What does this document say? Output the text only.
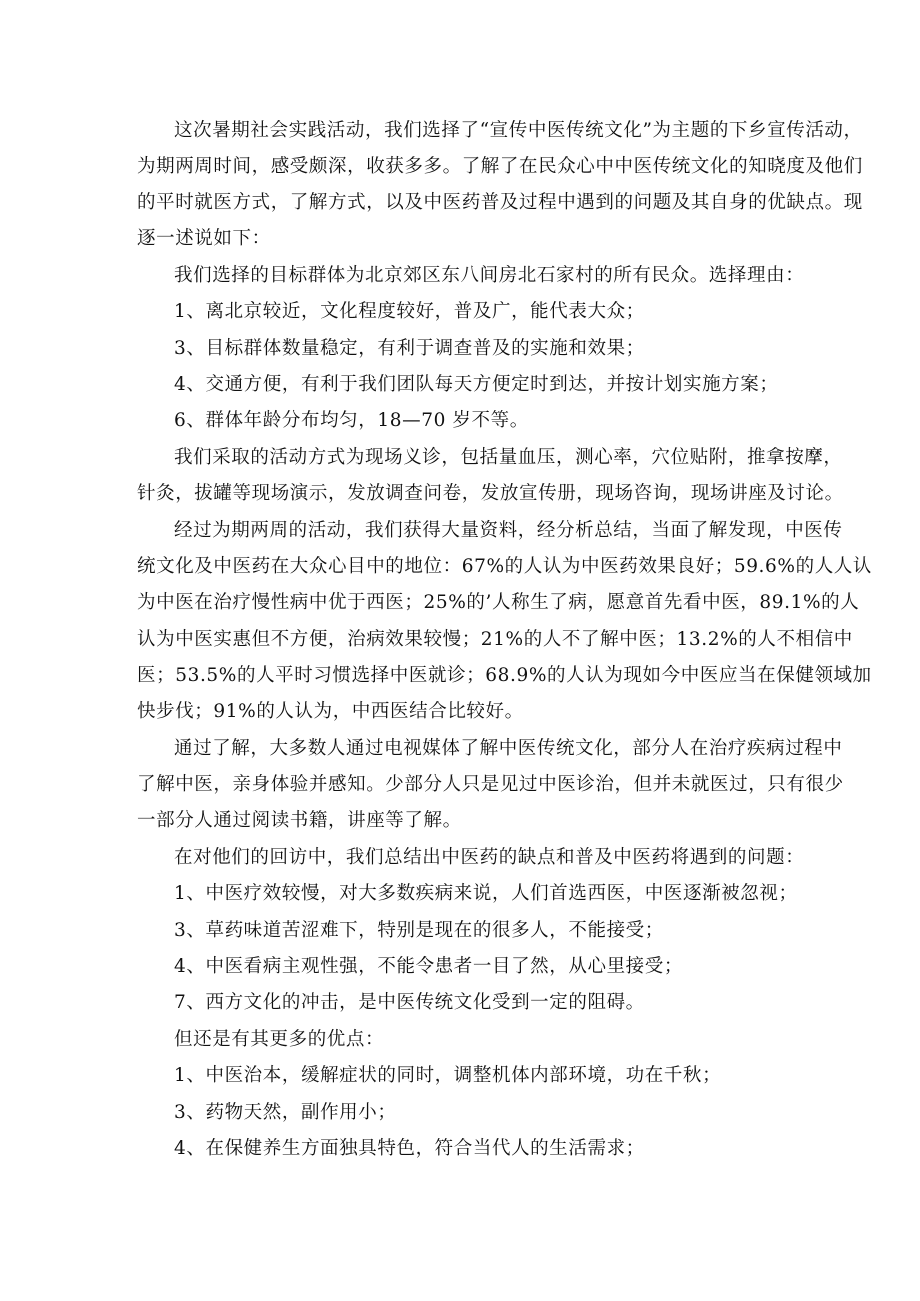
这次暑期社会实践活动，我们选择了“宣传中医传统文化”为主题的下乡宣传活动，
为期两周时间，感受颇深，收获多多。了解了在民众心中中医传统文化的知晓度及他们
的平时就医方式，了解方式，以及中医药普及过程中遇到的问题及其自身的优缺点。现
逐一述说如下：
我们选择的目标群体为北京郊区东八间房北石家村的所有民众。选择理由：
1、离北京较近，文化程度较好，普及广，能代表大众；
3、目标群体数量稳定，有利于调查普及的实施和效果；
4、交通方便，有利于我们团队每天方便定时到达，并按计划实施方案；
6、群体年龄分布均匀，18—70 岁不等。
我们采取的活动方式为现场义诊，包括量血压，测心率，穴位贴附，推拿按摩，
针灸，拔罐等现场演示，发放调查问卷，发放宣传册，现场咨询，现场讲座及讨论。
经过为期两周的活动，我们获得大量资料，经分析总结，当面了解发现，中医传
统文化及中医药在大众心目中的地位：67%的人认为中医药效果良好；59.6%的人人认
为中医在治疗慢性病中优于西医；25%的’人称生了病，愿意首先看中医，89.1%的人
认为中医实惠但不方便，治病效果较慢；21%的人不了解中医；13.2%的人不相信中
医；53.5%的人平时习惯选择中医就诊；68.9%的人认为现如今中医应当在保健领域加
快步伐；91%的人认为，中西医结合比较好。
通过了解，大多数人通过电视媒体了解中医传统文化，部分人在治疗疾病过程中
了解中医，亲身体验并感知。少部分人只是见过中医诊治，但并未就医过，只有很少
一部分人通过阅读书籍，讲座等了解。
在对他们的回访中，我们总结出中医药的缺点和普及中医药将遇到的问题：
1、中医疗效较慢，对大多数疾病来说，人们首选西医，中医逐渐被忽视；
3、草药味道苦涩难下，特别是现在的很多人，不能接受；
4、中医看病主观性强，不能令患者一目了然，从心里接受；
7、西方文化的冲击，是中医传统文化受到一定的阻碍。
但还是有其更多的优点：
1、中医治本，缓解症状的同时，调整机体内部环境，功在千秋；
3、药物天然，副作用小；
4、在保健养生方面独具特色，符合当代人的生活需求；
